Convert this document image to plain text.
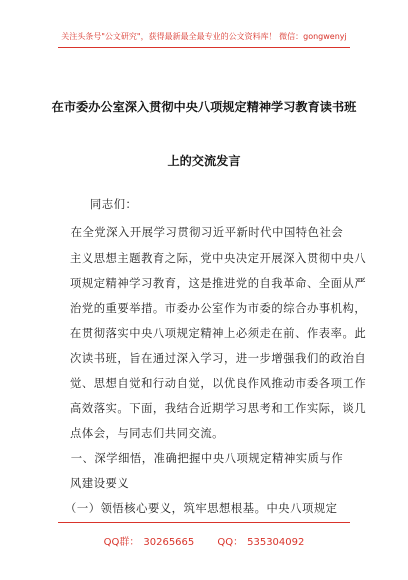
关注头条号"公文研究"，获得最新最全最专业的公文资料库！ 微信：gongwenyj
在市委办公室深入贯彻中央八项规定精神学习教育读书班
上的交流发言
同志们：
　　在全党深入开展学习贯彻习近平新时代中国特色社会
主义思想主题教育之际，党中央决定开展深入贯彻中央八
项规定精神学习教育，这是推进党的自我革命、全面从严
治党的重要举措。市委办公室作为市委的综合办事机构，
在贯彻落实中央八项规定精神上必须走在前、作表率。此
次读书班，旨在通过深入学习，进一步增强我们的政治自
觉、思想自觉和行动自觉，以优良作风推动市委各项工作
高效落实。下面，我结合近期学习思考和工作实际，谈几
点体会，与同志们共同交流。
　　一、深学细悟，准确把握中央八项规定精神实质与作
风建设要义
　　（一）领悟核心要义，筑牢思想根基。中央八项规定
QQ群： 30265665 QQ： 535304092
